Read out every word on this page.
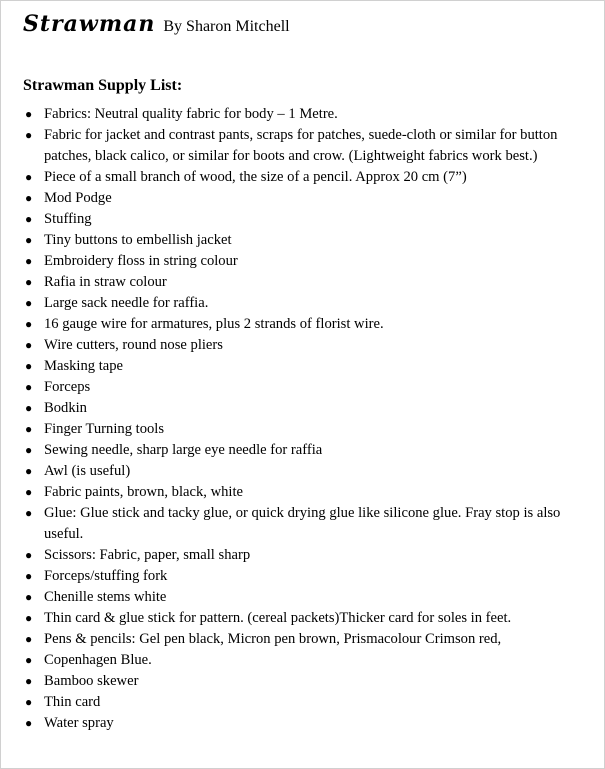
Strawman By Sharon Mitchell
Strawman Supply List:
● Fabrics: Neutral quality fabric for body – 1 Metre.
● Fabric for jacket and contrast pants, scraps for patches, suede-cloth or similar for button patches, black calico, or similar for boots and crow. (Lightweight fabrics work best.)
● Piece of a small branch of wood, the size of a pencil. Approx 20 cm (7”)
● Mod Podge
● Stuffing
● Tiny buttons to embellish jacket
● Embroidery floss in string colour
● Rafia in straw colour
● Large sack needle for raffia.
● 16 gauge wire for armatures, plus 2 strands of florist wire.
● Wire cutters, round nose pliers
● Masking tape
● Forceps
● Bodkin
● Finger Turning tools
● Sewing needle, sharp large eye needle for raffia
● Awl (is useful)
● Fabric paints, brown, black, white
● Glue: Glue stick and tacky glue, or quick drying glue like silicone glue. Fray stop is also useful.
● Scissors: Fabric, paper, small sharp
● Forceps/stuffing fork
● Chenille stems white
● Thin card & glue stick for pattern. (cereal packets)Thicker card for soles in feet.
● Pens & pencils: Gel pen black, Micron pen brown, Prismacolour Crimson red,
● Copenhagen Blue.
● Bamboo skewer
● Thin card
● Water spray
